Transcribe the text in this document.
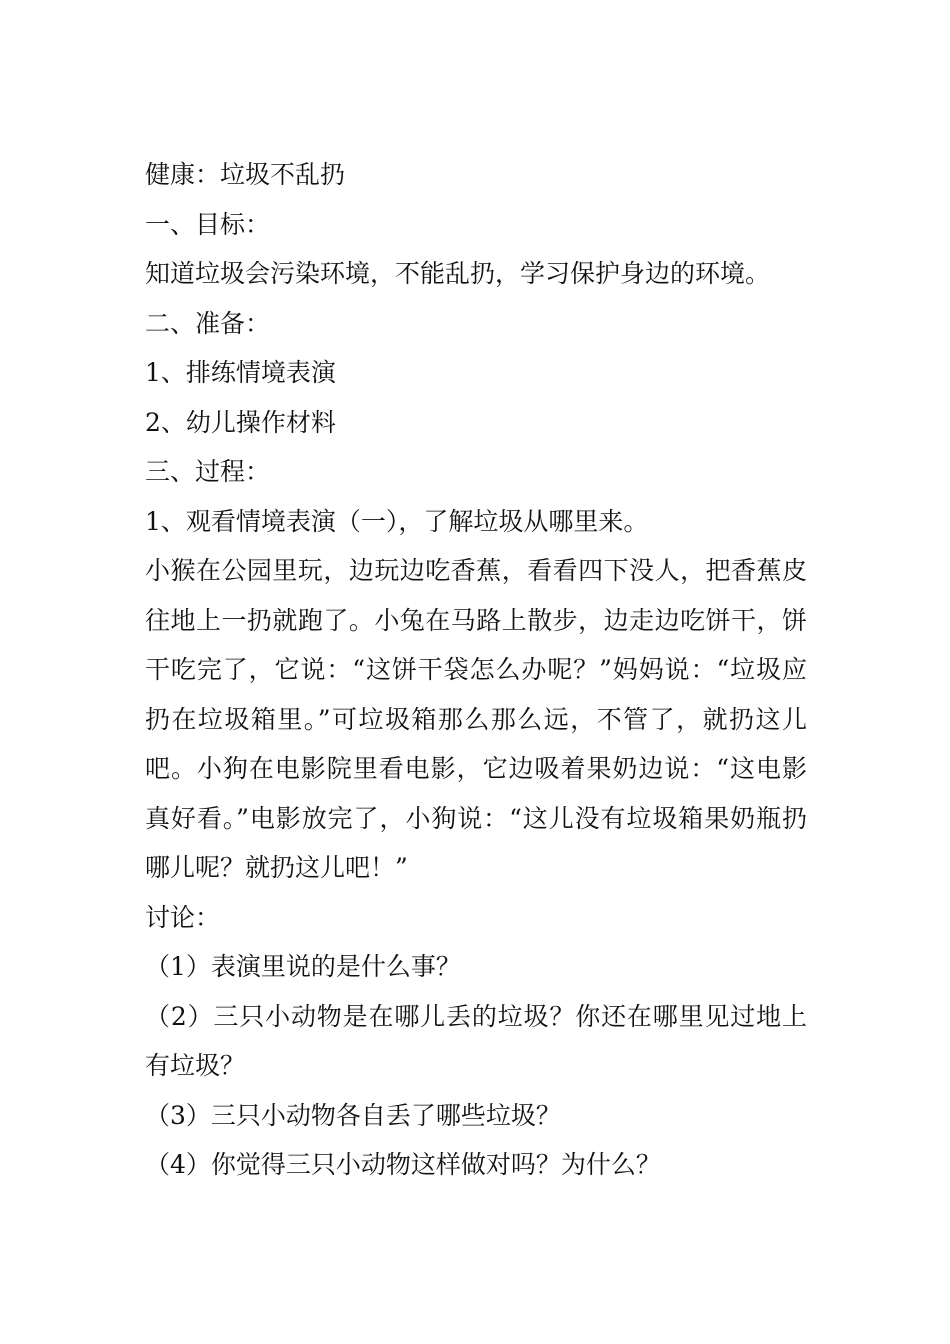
健康：垃圾不乱扔

一、目标：

知道垃圾会污染环境，不能乱扔，学习保护身边的环境。

二、准备：

1、排练情境表演

2、幼儿操作材料

三、过程：

1、观看情境表演（一），了解垃圾从哪里来。

小猴在公园里玩，边玩边吃香蕉，看看四下没人，把香蕉皮往地上一扔就跑了。小兔在马路上散步，边走边吃饼干，饼干吃完了，它说：“这饼干袋怎么办呢？”妈妈说：“垃圾应扔在垃圾箱里。”可垃圾箱那么那么远，不管了，就扔这儿吧。小狗在电影院里看电影，它边吸着果奶边说：“这电影真好看。”电影放完了，小狗说：“这儿没有垃圾箱果奶瓶扔哪儿呢？就扔这儿吧！”

讨论：

（1）表演里说的是什么事？

（2）三只小动物是在哪儿丢的垃圾？你还在哪里见过地上有垃圾？

（3）三只小动物各自丢了哪些垃圾？

（4）你觉得三只小动物这样做对吗？为什么？
